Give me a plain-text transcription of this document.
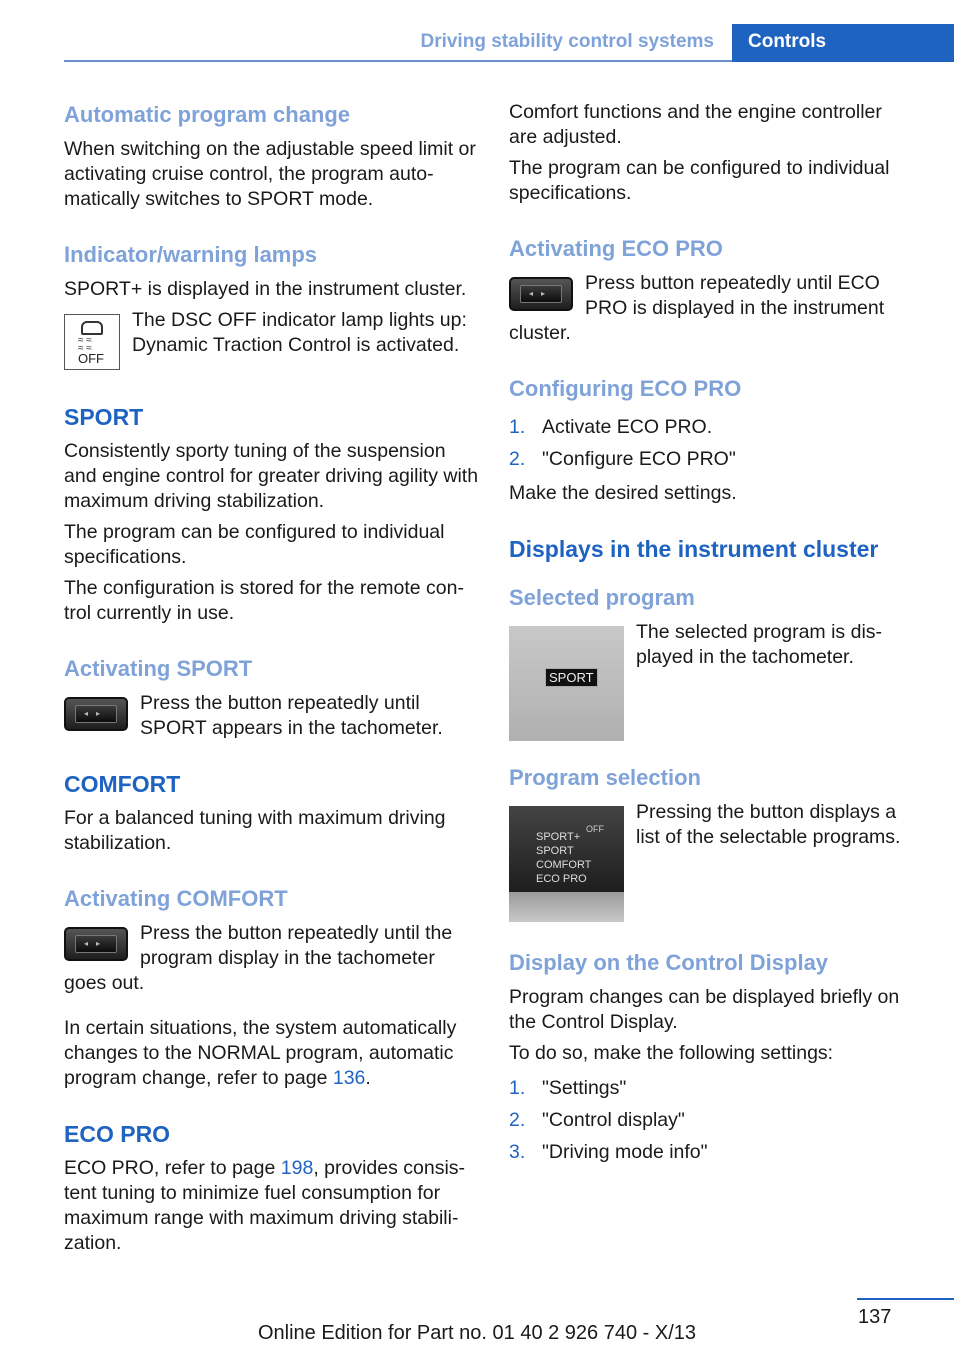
Driving stability control systems	Controls
Automatic program change

When switching on the adjustable speed limit or activating cruise control, the program auto-matically switches to SPORT mode.

Indicator/warning lamps

SPORT+ is displayed in the instrument cluster.

≈ ≈
≈ ≈
OFF

The DSC OFF indicator lamp lights up: Dynamic Traction Control is activated.

SPORT

Consistently sporty tuning of the suspension and engine control for greater driving agility with maximum driving stabilization.

The program can be configured to individual specifications.

The configuration is stored for the remote con-trol currently in use.

Activating SPORT
◂▸	Press the button repeatedly until SPORT appears in the tachometer.

COMFORT

For a balanced tuning with maximum driving stabilization.

Activating COMFORT
◂▸	Press the button repeatedly until the program display in the tachometer goes out.

In certain situations, the system automatically changes to the NORMAL program, automatic program change, refer to page 136.

ECO PRO

ECO PRO, refer to page 198, provides consis-tent tuning to minimize fuel consumption for maximum range with maximum driving stabili-zation.

Comfort functions and the engine controller are adjusted.

The program can be configured to individual specifications.

Activating ECO PRO
◂▸	Press button repeatedly until ECO PRO is displayed in the instrument cluster.

Configuring ECO PRO
1. Activate ECO PRO.
2. "Configure ECO PRO"

Make the desired settings.

Displays in the instrument cluster
Selected program
SPORT

The selected program is dis-played in the tachometer.

Program selection
SPORT+
SPORT
COMFORT
ECO PRO
OFF

Pressing the button displays a list of the selectable programs.

Display on the Control Display

Program changes can be displayed briefly on the Control Display.

To do so, make the following settings:

1. "Settings"
2. "Control display"
3. "Driving mode info"
137
Online Edition for Part no. 01 40 2 926 740 - X/13
